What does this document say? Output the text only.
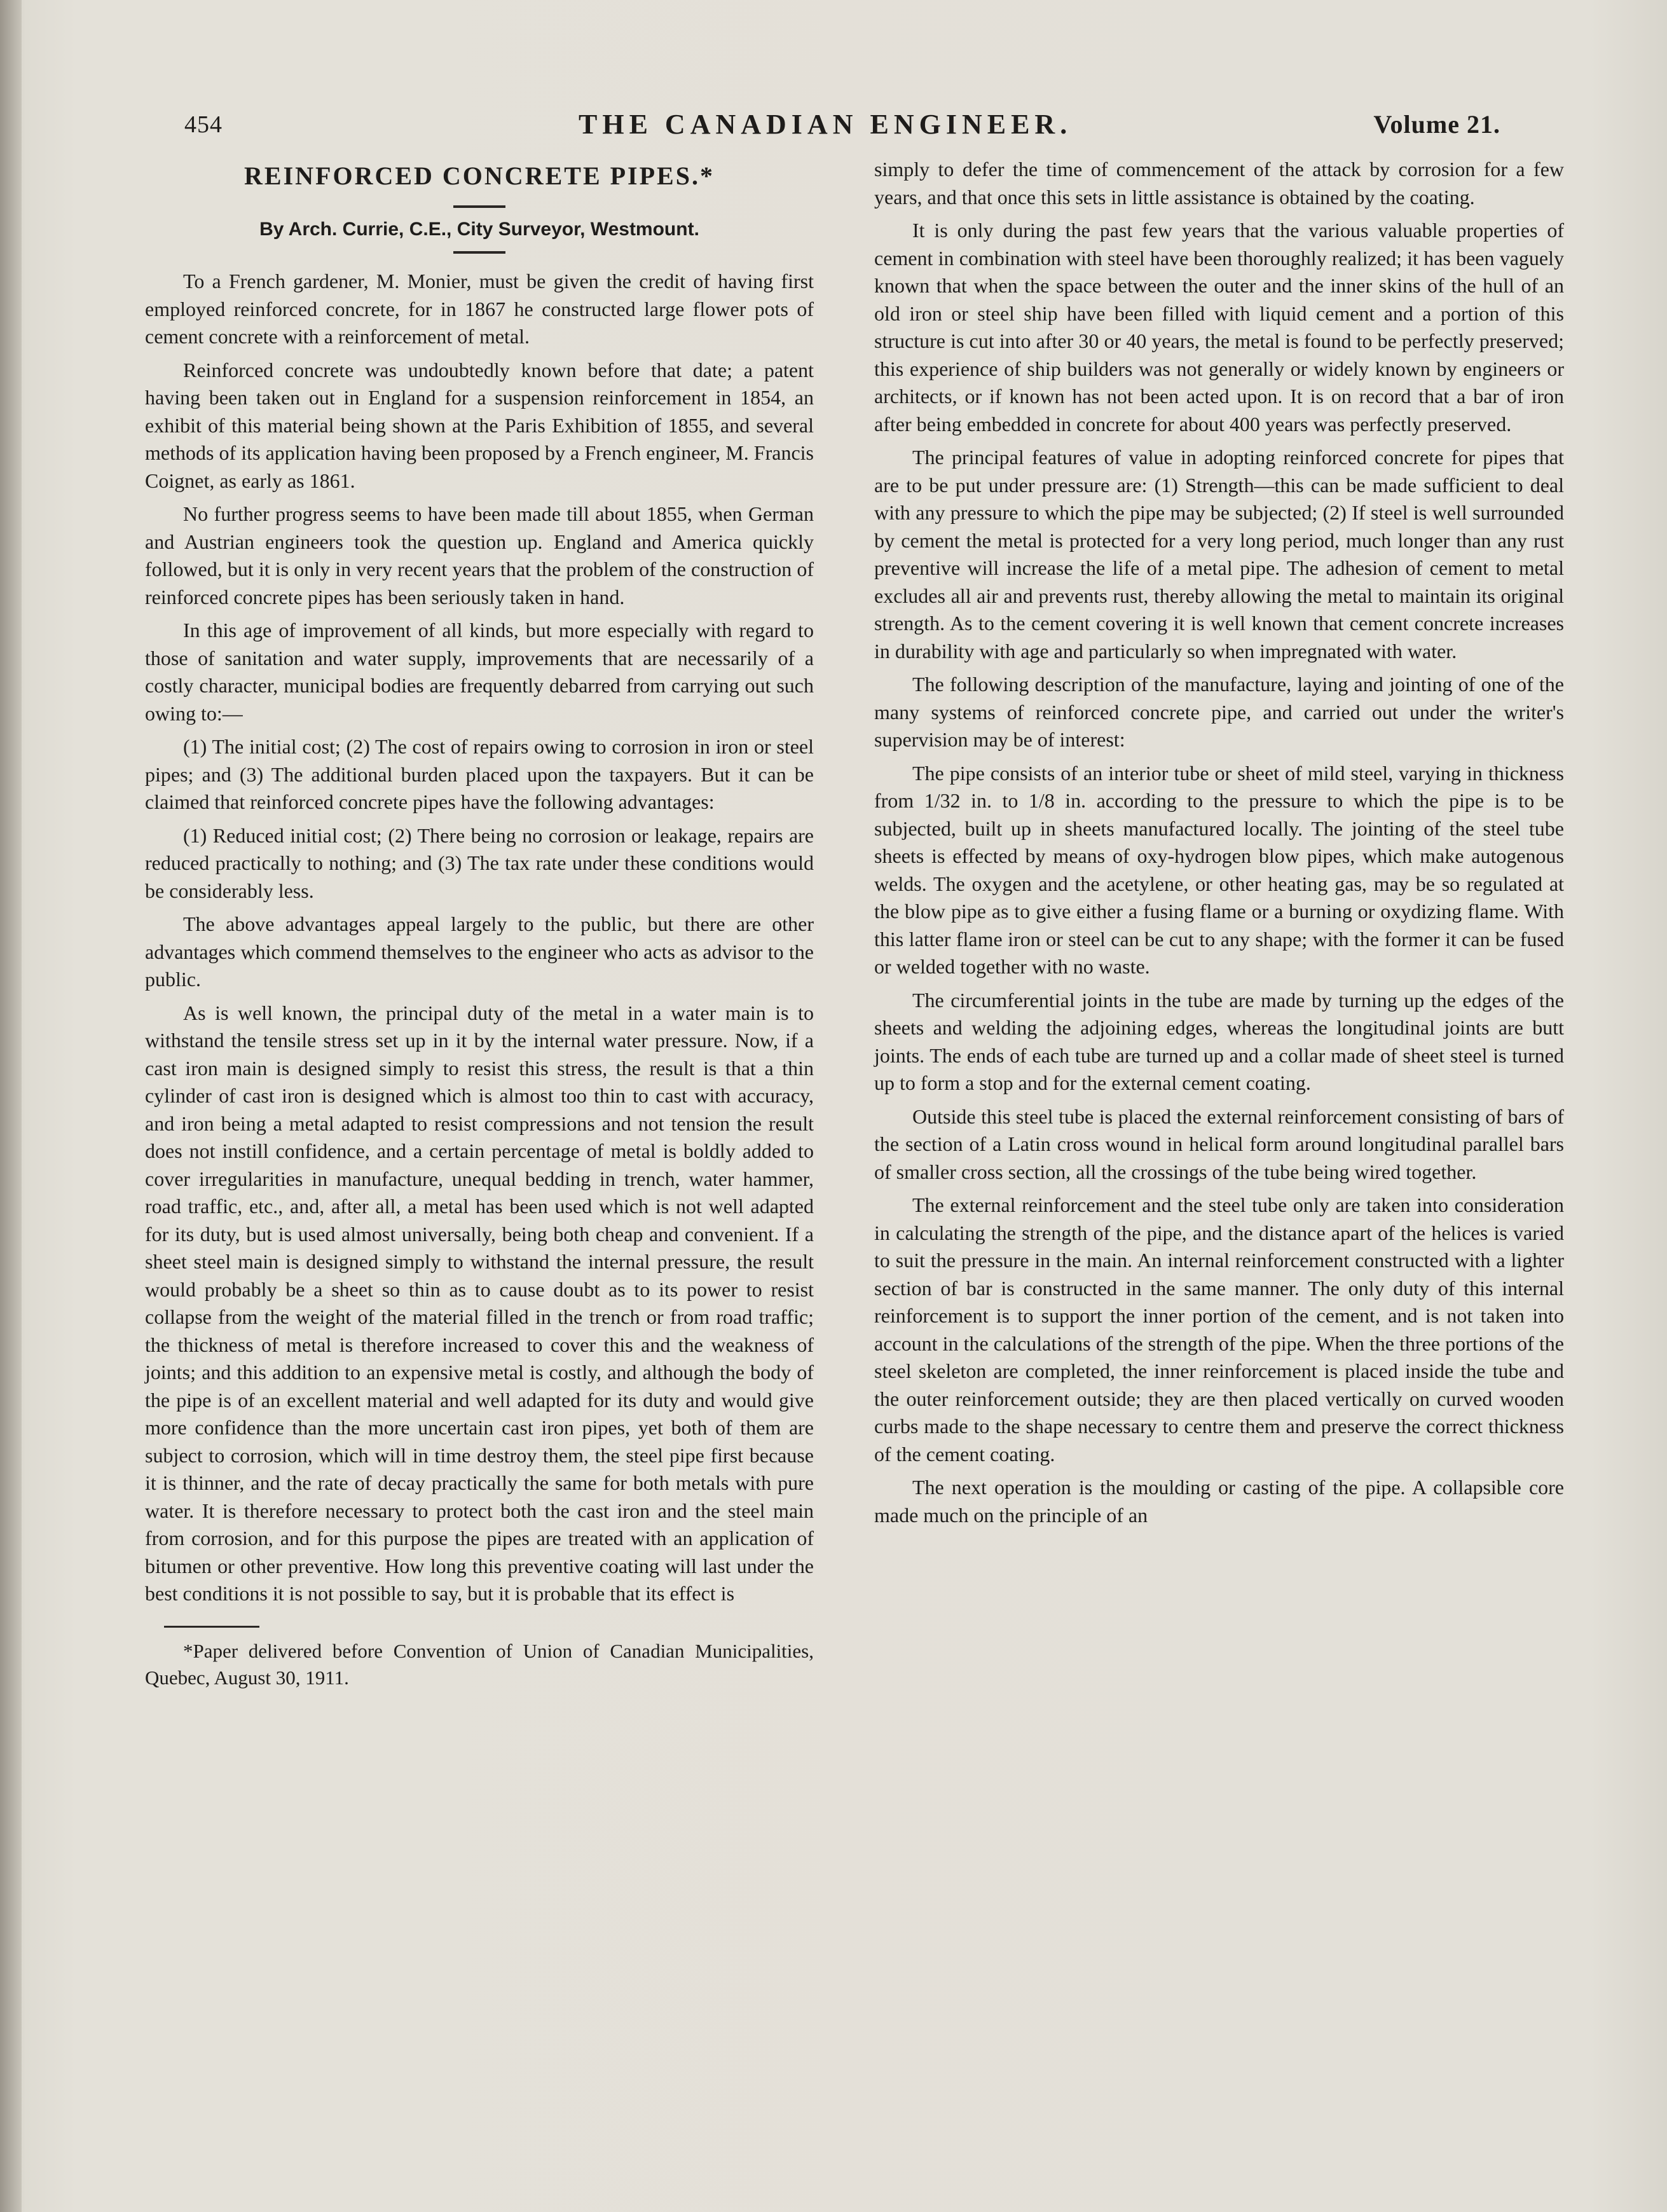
454	THE CANADIAN ENGINEER.	Volume 21.
REINFORCED CONCRETE PIPES.*
By Arch. Currie, C.E., City Surveyor, Westmount.

To a French gardener, M. Monier, must be given the credit of having first employed reinforced concrete, for in 1867 he constructed large flower pots of cement concrete with a reinforcement of metal.

Reinforced concrete was undoubtedly known before that date; a patent having been taken out in England for a suspension reinforcement in 1854, an exhibit of this material being shown at the Paris Exhibition of 1855, and several methods of its application having been proposed by a French engineer, M. Francis Coignet, as early as 1861.

No further progress seems to have been made till about 1855, when German and Austrian engineers took the question up. England and America quickly followed, but it is only in very recent years that the problem of the construction of reinforced concrete pipes has been seriously taken in hand.

In this age of improvement of all kinds, but more especially with regard to those of sanitation and water supply, improvements that are necessarily of a costly character, municipal bodies are frequently debarred from carrying out such owing to:—

(1) The initial cost; (2) The cost of repairs owing to corrosion in iron or steel pipes; and (3) The additional burden placed upon the taxpayers. But it can be claimed that reinforced concrete pipes have the following advantages:

(1) Reduced initial cost; (2) There being no corrosion or leakage, repairs are reduced practically to nothing; and (3) The tax rate under these conditions would be considerably less.

The above advantages appeal largely to the public, but there are other advantages which commend themselves to the engineer who acts as advisor to the public.

As is well known, the principal duty of the metal in a water main is to withstand the tensile stress set up in it by the internal water pressure. Now, if a cast iron main is designed simply to resist this stress, the result is that a thin cylinder of cast iron is designed which is almost too thin to cast with accuracy, and iron being a metal adapted to resist compressions and not tension the result does not instill confidence, and a certain percentage of metal is boldly added to cover irregularities in manufacture, unequal bedding in trench, water hammer, road traffic, etc., and, after all, a metal has been used which is not well adapted for its duty, but is used almost universally, being both cheap and convenient. If a sheet steel main is designed simply to withstand the internal pressure, the result would probably be a sheet so thin as to cause doubt as to its power to resist collapse from the weight of the material filled in the trench or from road traffic; the thickness of metal is therefore increased to cover this and the weakness of joints; and this addition to an expensive metal is costly, and although the body of the pipe is of an excellent material and well adapted for its duty and would give more confidence than the more uncertain cast iron pipes, yet both of them are subject to corrosion, which will in time destroy them, the steel pipe first because it is thinner, and the rate of decay practically the same for both metals with pure water. It is therefore necessary to protect both the cast iron and the steel main from corrosion, and for this purpose the pipes are treated with an application of bitumen or other preventive. How long this preventive coating will last under the best conditions it is not possible to say, but it is probable that its effect is

*Paper delivered before Convention of Union of Canadian Municipalities, Quebec, August 30, 1911.

simply to defer the time of commencement of the attack by corrosion for a few years, and that once this sets in little assistance is obtained by the coating.

It is only during the past few years that the various valuable properties of cement in combination with steel have been thoroughly realized; it has been vaguely known that when the space between the outer and the inner skins of the hull of an old iron or steel ship have been filled with liquid cement and a portion of this structure is cut into after 30 or 40 years, the metal is found to be perfectly preserved; this experience of ship builders was not generally or widely known by engineers or architects, or if known has not been acted upon. It is on record that a bar of iron after being embedded in concrete for about 400 years was perfectly preserved.

The principal features of value in adopting reinforced concrete for pipes that are to be put under pressure are: (1) Strength—this can be made sufficient to deal with any pressure to which the pipe may be subjected; (2) If steel is well surrounded by cement the metal is protected for a very long period, much longer than any rust preventive will increase the life of a metal pipe. The adhesion of cement to metal excludes all air and prevents rust, thereby allowing the metal to maintain its original strength. As to the cement covering it is well known that cement concrete increases in durability with age and particularly so when impregnated with water.

The following description of the manufacture, laying and jointing of one of the many systems of reinforced concrete pipe, and carried out under the writer's supervision may be of interest:

The pipe consists of an interior tube or sheet of mild steel, varying in thickness from 1/32 in. to 1/8 in. according to the pressure to which the pipe is to be subjected, built up in sheets manufactured locally. The jointing of the steel tube sheets is effected by means of oxy-hydrogen blow pipes, which make autogenous welds. The oxygen and the acetylene, or other heating gas, may be so regulated at the blow pipe as to give either a fusing flame or a burning or oxydizing flame. With this latter flame iron or steel can be cut to any shape; with the former it can be fused or welded together with no waste.

The circumferential joints in the tube are made by turning up the edges of the sheets and welding the adjoining edges, whereas the longitudinal joints are butt joints. The ends of each tube are turned up and a collar made of sheet steel is turned up to form a stop and for the external cement coating.

Outside this steel tube is placed the external reinforcement consisting of bars of the section of a Latin cross wound in helical form around longitudinal parallel bars of smaller cross section, all the crossings of the tube being wired together.

The external reinforcement and the steel tube only are taken into consideration in calculating the strength of the pipe, and the distance apart of the helices is varied to suit the pressure in the main. An internal reinforcement constructed with a lighter section of bar is constructed in the same manner. The only duty of this internal reinforcement is to support the inner portion of the cement, and is not taken into account in the calculations of the strength of the pipe. When the three portions of the steel skeleton are completed, the inner reinforcement is placed inside the tube and the outer reinforcement outside; they are then placed vertically on curved wooden curbs made to the shape necessary to centre them and preserve the correct thickness of the cement coating.

The next operation is the moulding or casting of the pipe. A collapsible core made much on the principle of an
